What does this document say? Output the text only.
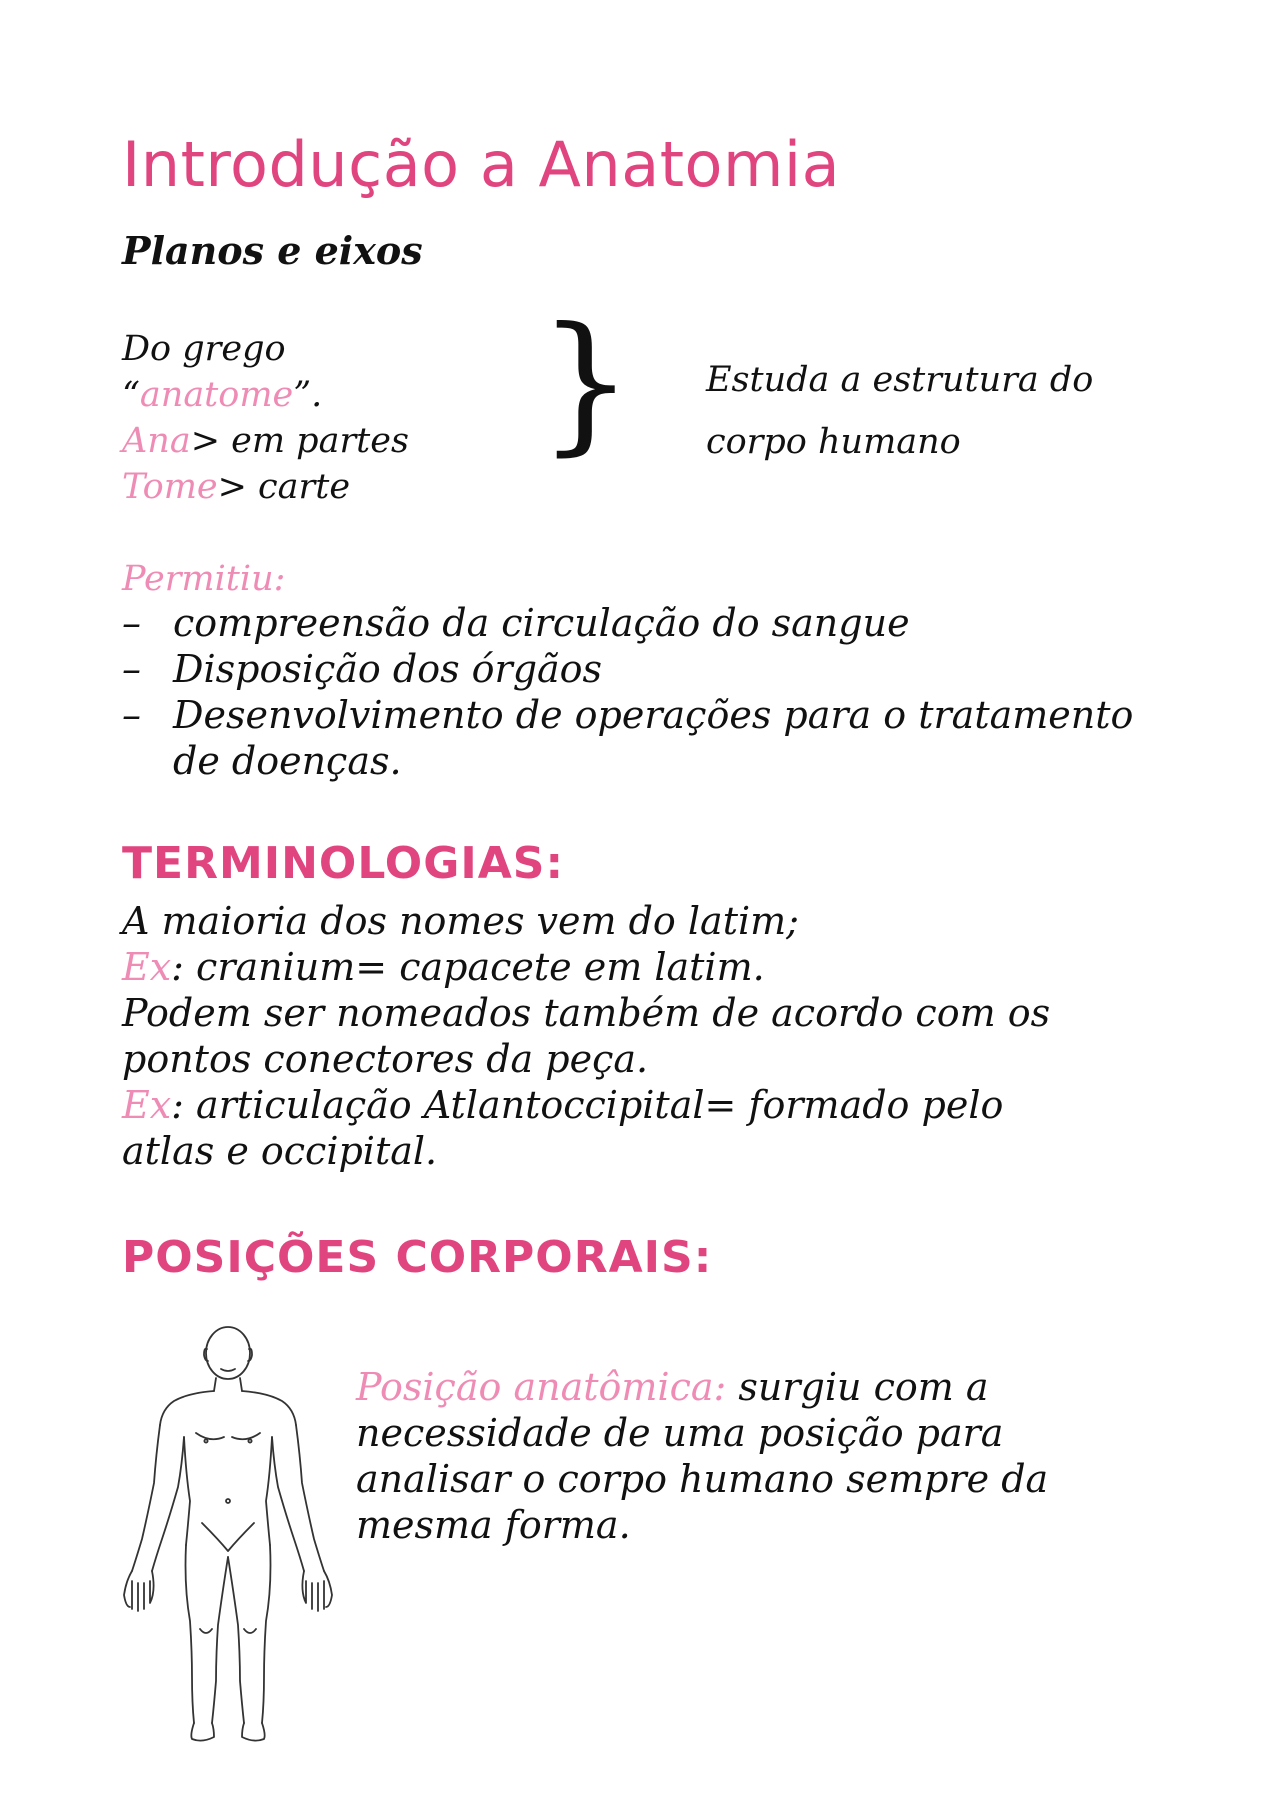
Introdução a Anatomia
Planos e eixos
Do grego
“anatome”.
Ana> em partes
Tome> carte
} Estuda a estrutura do
corpo humano
Permitiu:
– compreensão da circulação do sangue
– Disposição dos órgãos
– Desenvolvimento de operações para o tratamento
de doenças.
TERMINOLOGIAS:
A maioria dos nomes vem do latim;
Ex: cranium= capacete em latim.
Podem ser nomeados também de acordo com os
pontos conectores da peça.
Ex: articulação Atlantoccipital= formado pelo
atlas e occipital.
POSIÇÕES CORPORAIS:
Posição anatômica: surgiu com a
necessidade de uma posição para
analisar o corpo humano sempre da
mesma forma.
